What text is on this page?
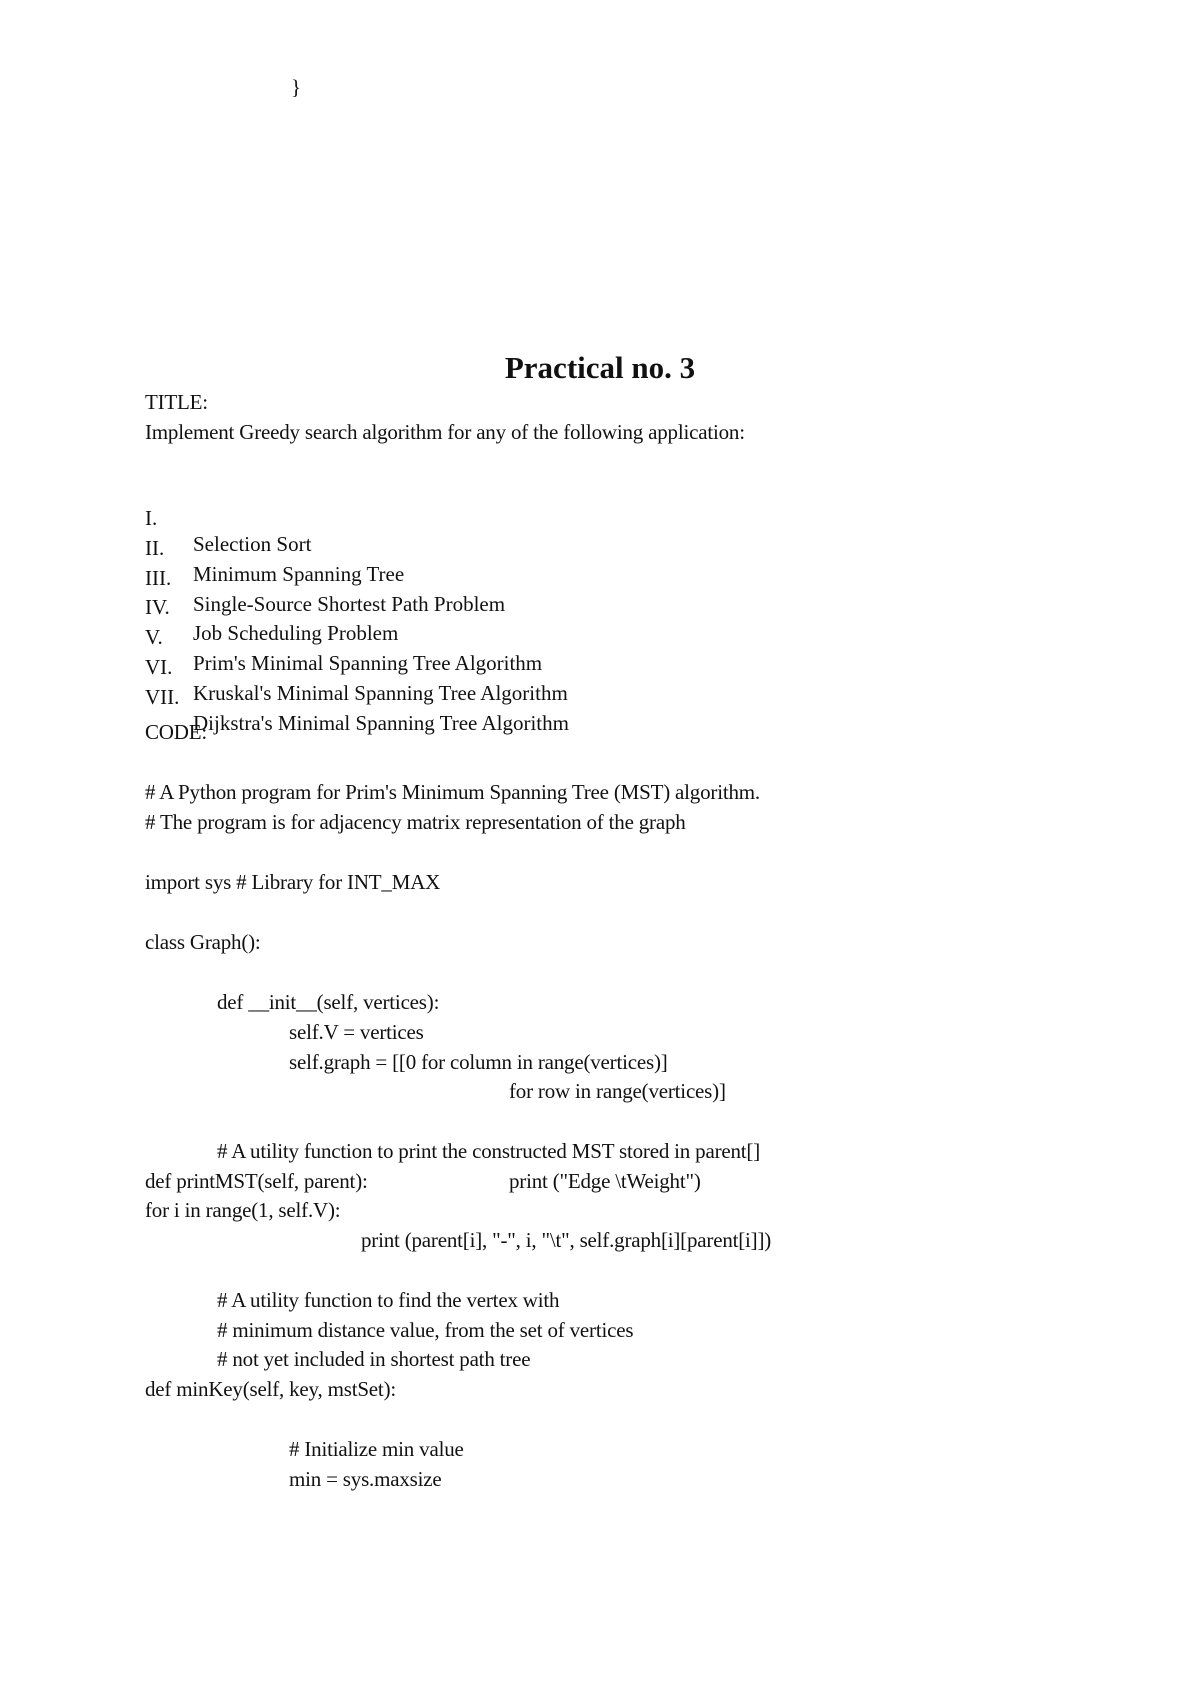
}
Practical no. 3
TITLE:
Implement Greedy search algorithm for any of the following application:

I.

Selection Sort

II.

Minimum Spanning Tree

III.

Single-Source Shortest Path Problem

IV.

Job Scheduling Problem

V.

Prim's Minimal Spanning Tree Algorithm

VI.

Kruskal's Minimal Spanning Tree Algorithm

VII.

Dijkstra's Minimal Spanning Tree Algorithm

CODE:
# A Python program for Prim's Minimum Spanning Tree (MST) algorithm.
# The program is for adjacency matrix representation of the graph
import sys # Library for INT_MAX
class Graph():
def __init__(self, vertices):
self.V = vertices
self.graph = [[0 for column in range(vertices)]
for row in range(vertices)]
# A utility function to print the constructed MST stored in parent[]
def printMST(self, parent):	print ("Edge \tWeight")
for i in range(1, self.V):
print (parent[i], "-", i, "\t", self.graph[i][parent[i]])
# A utility function to find the vertex with
# minimum distance value, from the set of vertices
# not yet included in shortest path tree
def minKey(self, key, mstSet):
# Initialize min value
min = sys.maxsize
